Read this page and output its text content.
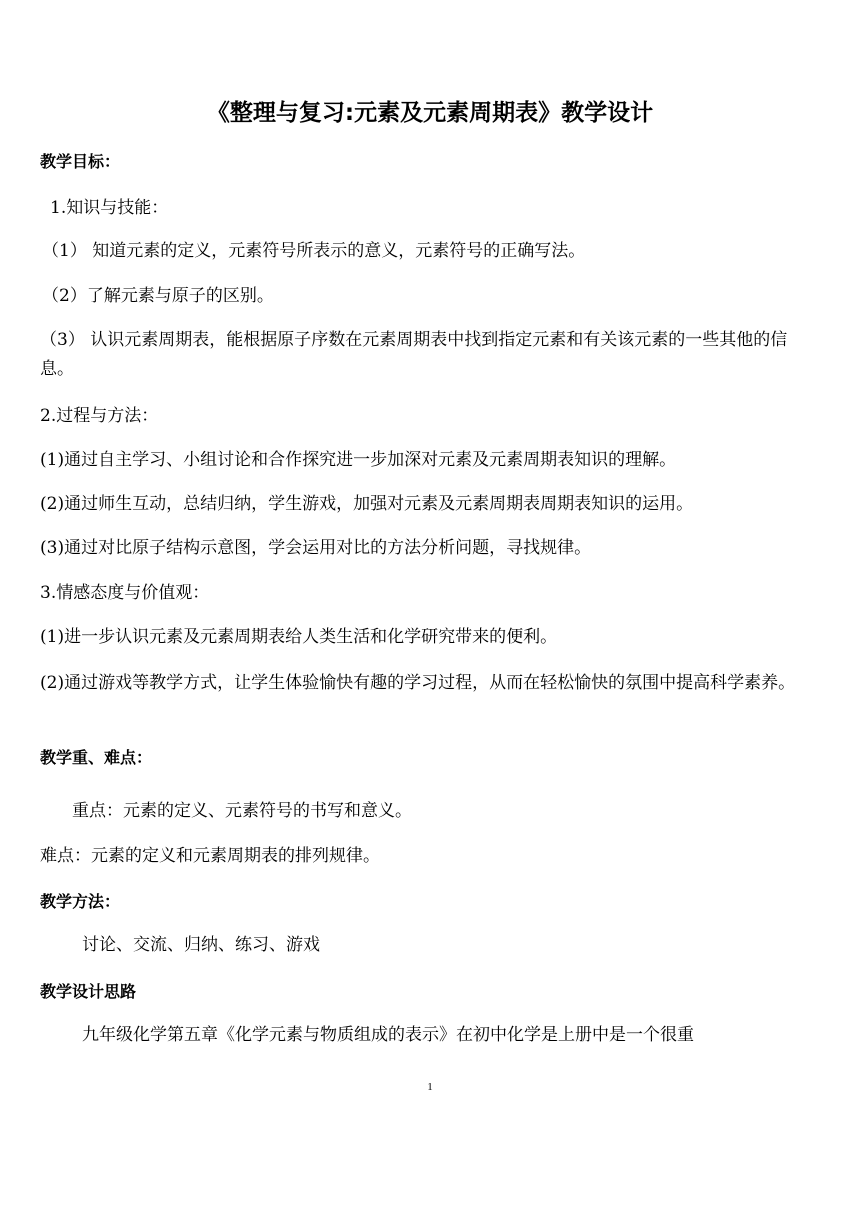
《整理与复习:元素及元素周期表》教学设计
教学目标：
1.知识与技能：
（1） 知道元素的定义，元素符号所表示的意义，元素符号的正确写法。
（2）了解元素与原子的区别。
（3） 认识元素周期表，能根据原子序数在元素周期表中找到指定元素和有关该元素的一些其他的信息。
2.过程与方法：
(1)通过自主学习、小组讨论和合作探究进一步加深对元素及元素周期表知识的理解。
(2)通过师生互动，总结归纳，学生游戏，加强对元素及元素周期表周期表知识的运用。
(3)通过对比原子结构示意图，学会运用对比的方法分析问题，寻找规律。
3.情感态度与价值观：
(1)进一步认识元素及元素周期表给人类生活和化学研究带来的便利。
(2)通过游戏等教学方式，让学生体验愉快有趣的学习过程，从而在轻松愉快的氛围中提高科学素养。
教学重、难点：
重点：元素的定义、元素符号的书写和意义。
难点：元素的定义和元素周期表的排列规律。
教学方法：
讨论、交流、归纳、练习、游戏
教学设计思路
九年级化学第五章《化学元素与物质组成的表示》在初中化学是上册中是一个很重
1
